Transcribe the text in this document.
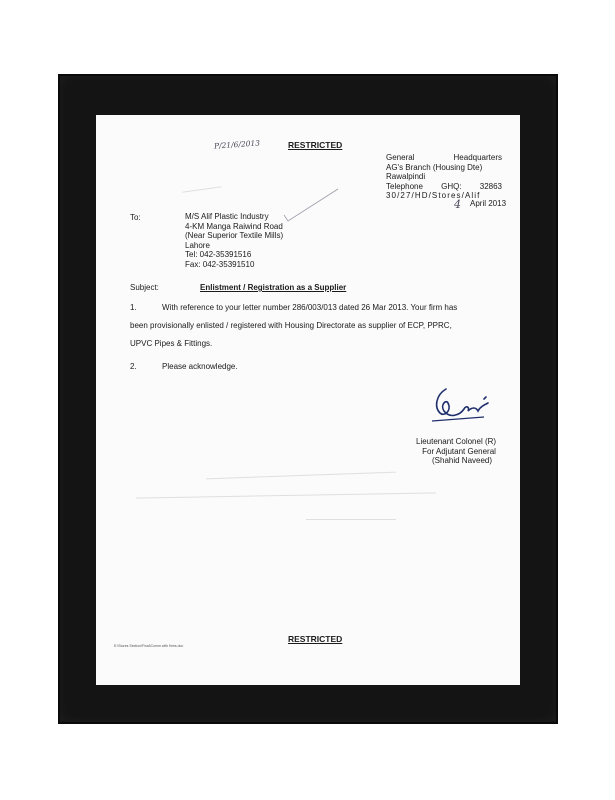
P/21/6/2013	RESTRICTED
General	Headquarters
AG's Branch (Housing Dte)
Rawalpindi
Telephone GHQ: 32863
30/27/HD/Stores/Alif
4 April 2013
To:	M/S Alif Plastic Industry
4-KM Manga Raiwind Road
(Near Superior Textile Mills)
Lahore
Tel: 042-35391516
Fax: 042-35391510
Subject:	Enlistment / Registration as a Supplier
1.	With reference to your letter number 286/003/013 dated 26 Mar 2013. Your firm has
been provisionally enlisted / registered with Housing Directorate as supplier of ECP, PPRC,
UPVC Pipes & Fittings.
2.	Please acknowledge.
Lieutenant Colonel (R)
For Adjutant General
(Shahid Naveed)
E:\Stores Section\Final\Comm with firms.doc
RESTRICTED
